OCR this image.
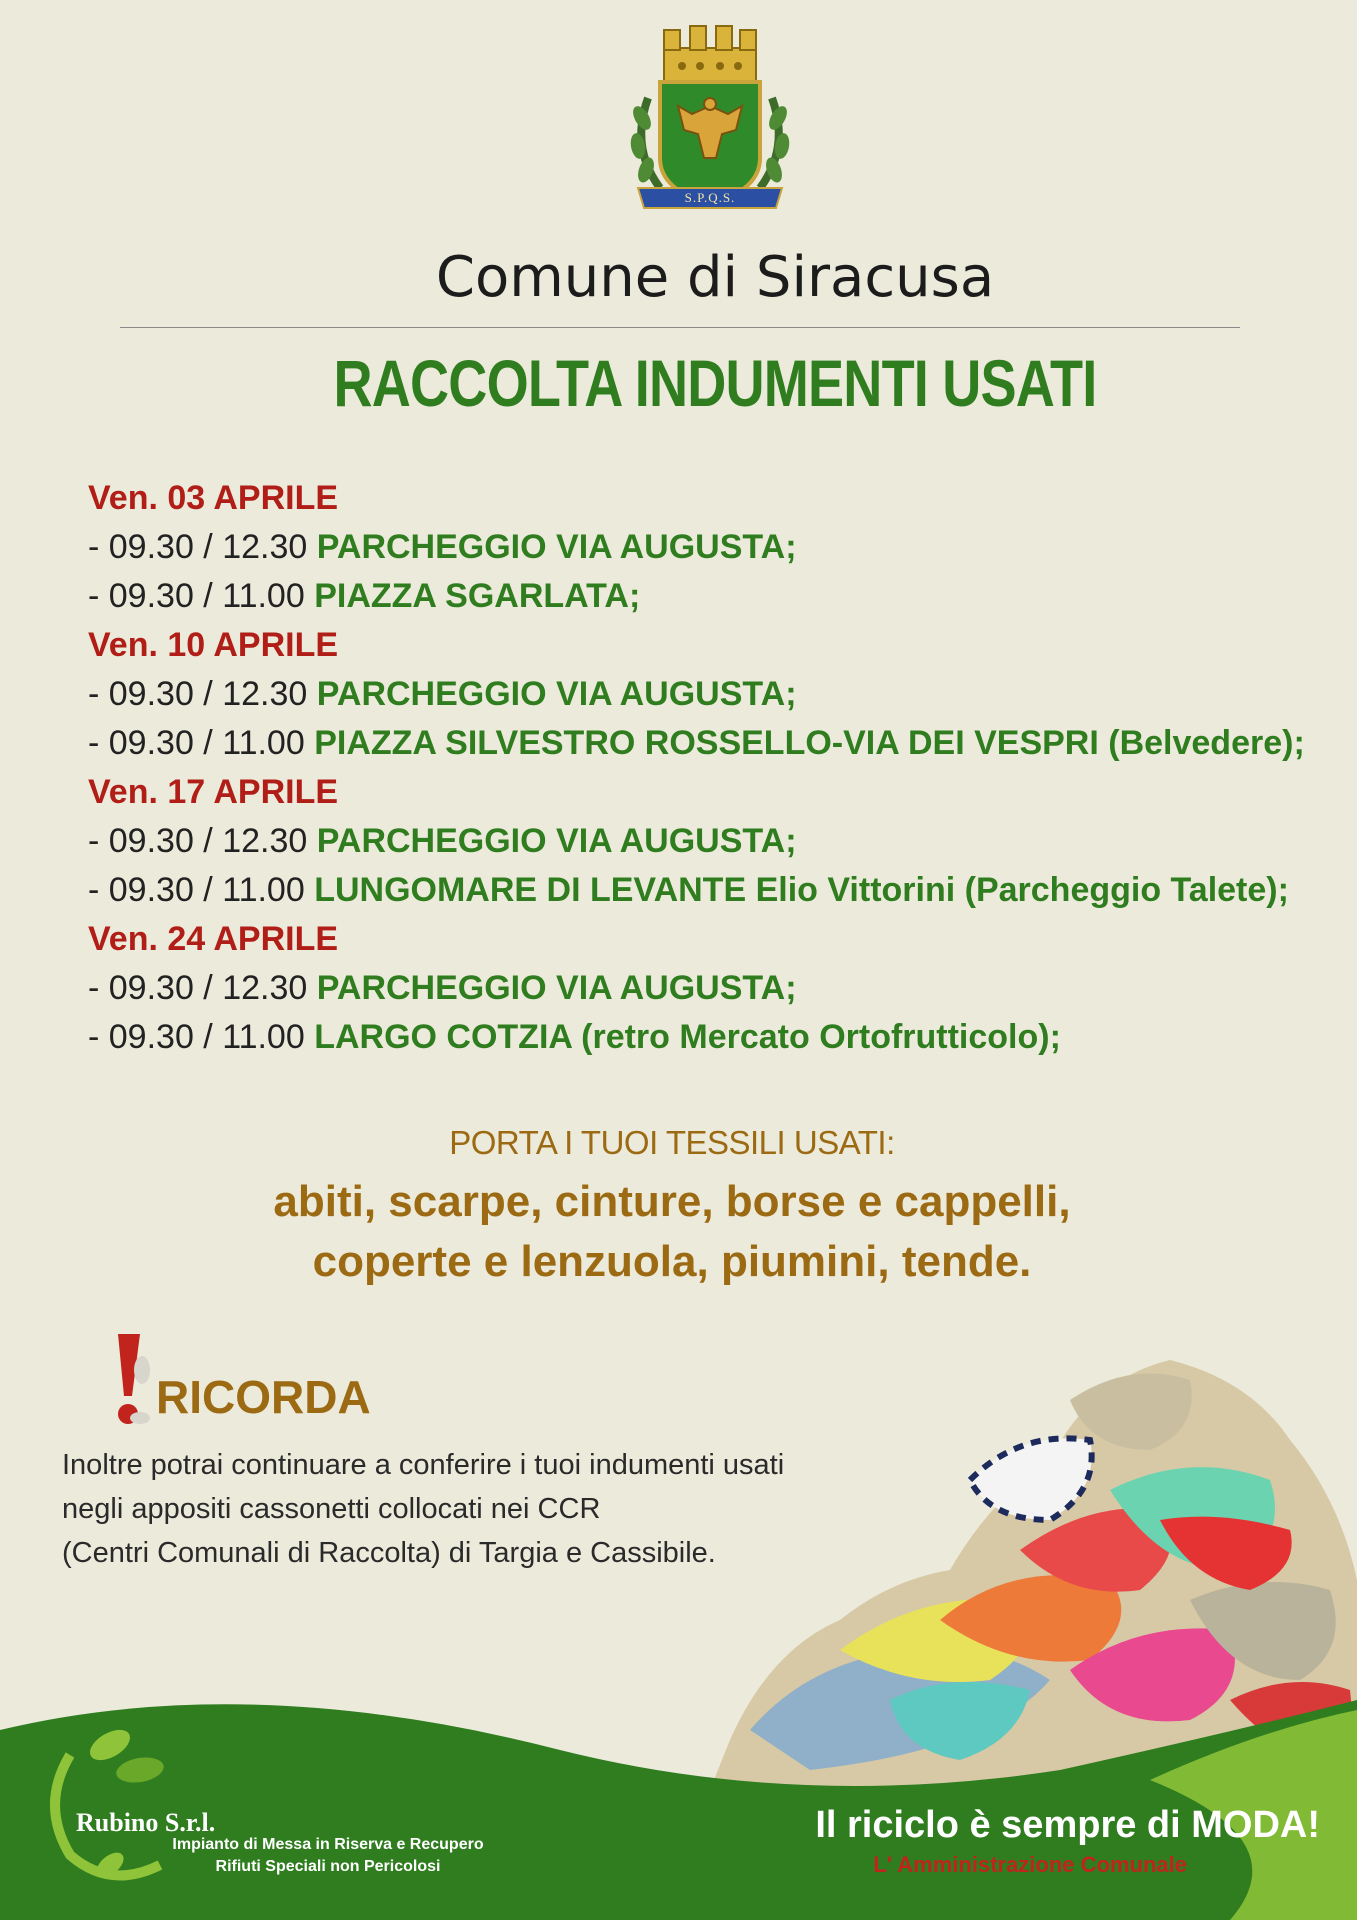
S.P.Q.S.
Comune di Siracusa
RACCOLTA INDUMENTI USATI
Ven. 03 APRILE
- 09.30 / 12.30 PARCHEGGIO VIA AUGUSTA;
- 09.30 / 11.00 PIAZZA SGARLATA;
Ven. 10 APRILE
- 09.30 / 12.30 PARCHEGGIO VIA AUGUSTA;
- 09.30 / 11.00 PIAZZA SILVESTRO ROSSELLO-VIA DEI VESPRI (Belvedere);
Ven. 17 APRILE
- 09.30 / 12.30 PARCHEGGIO VIA AUGUSTA;
- 09.30 / 11.00 LUNGOMARE DI LEVANTE Elio Vittorini (Parcheggio Talete);
Ven. 24 APRILE
- 09.30 / 12.30 PARCHEGGIO VIA AUGUSTA;
- 09.30 / 11.00 LARGO COTZIA (retro Mercato Ortofrutticolo);
PORTA I TUOI TESSILI USATI:
abiti, scarpe, cinture, borse e cappelli,
coperte e lenzuola, piumini, tende.
RICORDA
Inoltre potrai continuare a conferire i tuoi indumenti usati
negli appositi cassonetti collocati nei CCR
(Centri Comunali di Raccolta) di Targia e Cassibile.
Rubino S.r.l.
Impianto di Messa in Riserva e Recupero
Rifiuti Speciali non Pericolosi
Il riciclo è sempre di MODA!
L' Amministrazione Comunale
